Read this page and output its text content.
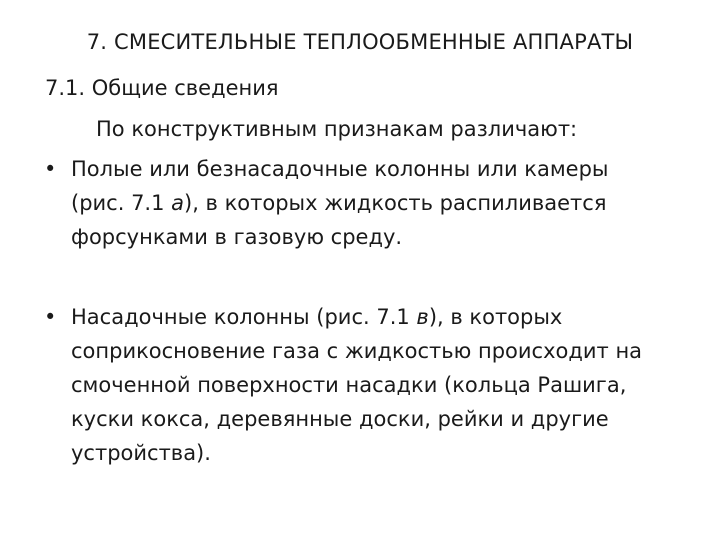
7. СМЕСИТЕЛЬНЫЕ ТЕПЛООБМЕННЫЕ АППАРАТЫ
7.1. Общие сведения
По конструктивным признакам различают:
• Полые или безнасадочные колонны или камеры
(рис. 7.1 а), в которых жидкость распиливается
форсунками в газовую среду.
• Насадочные колонны (рис. 7.1 в), в которых
соприкосновение газа с жидкостью происходит на
смоченной поверхности насадки (кольца Рашига,
куски кокса, деревянные доски, рейки и другие
устройства).
